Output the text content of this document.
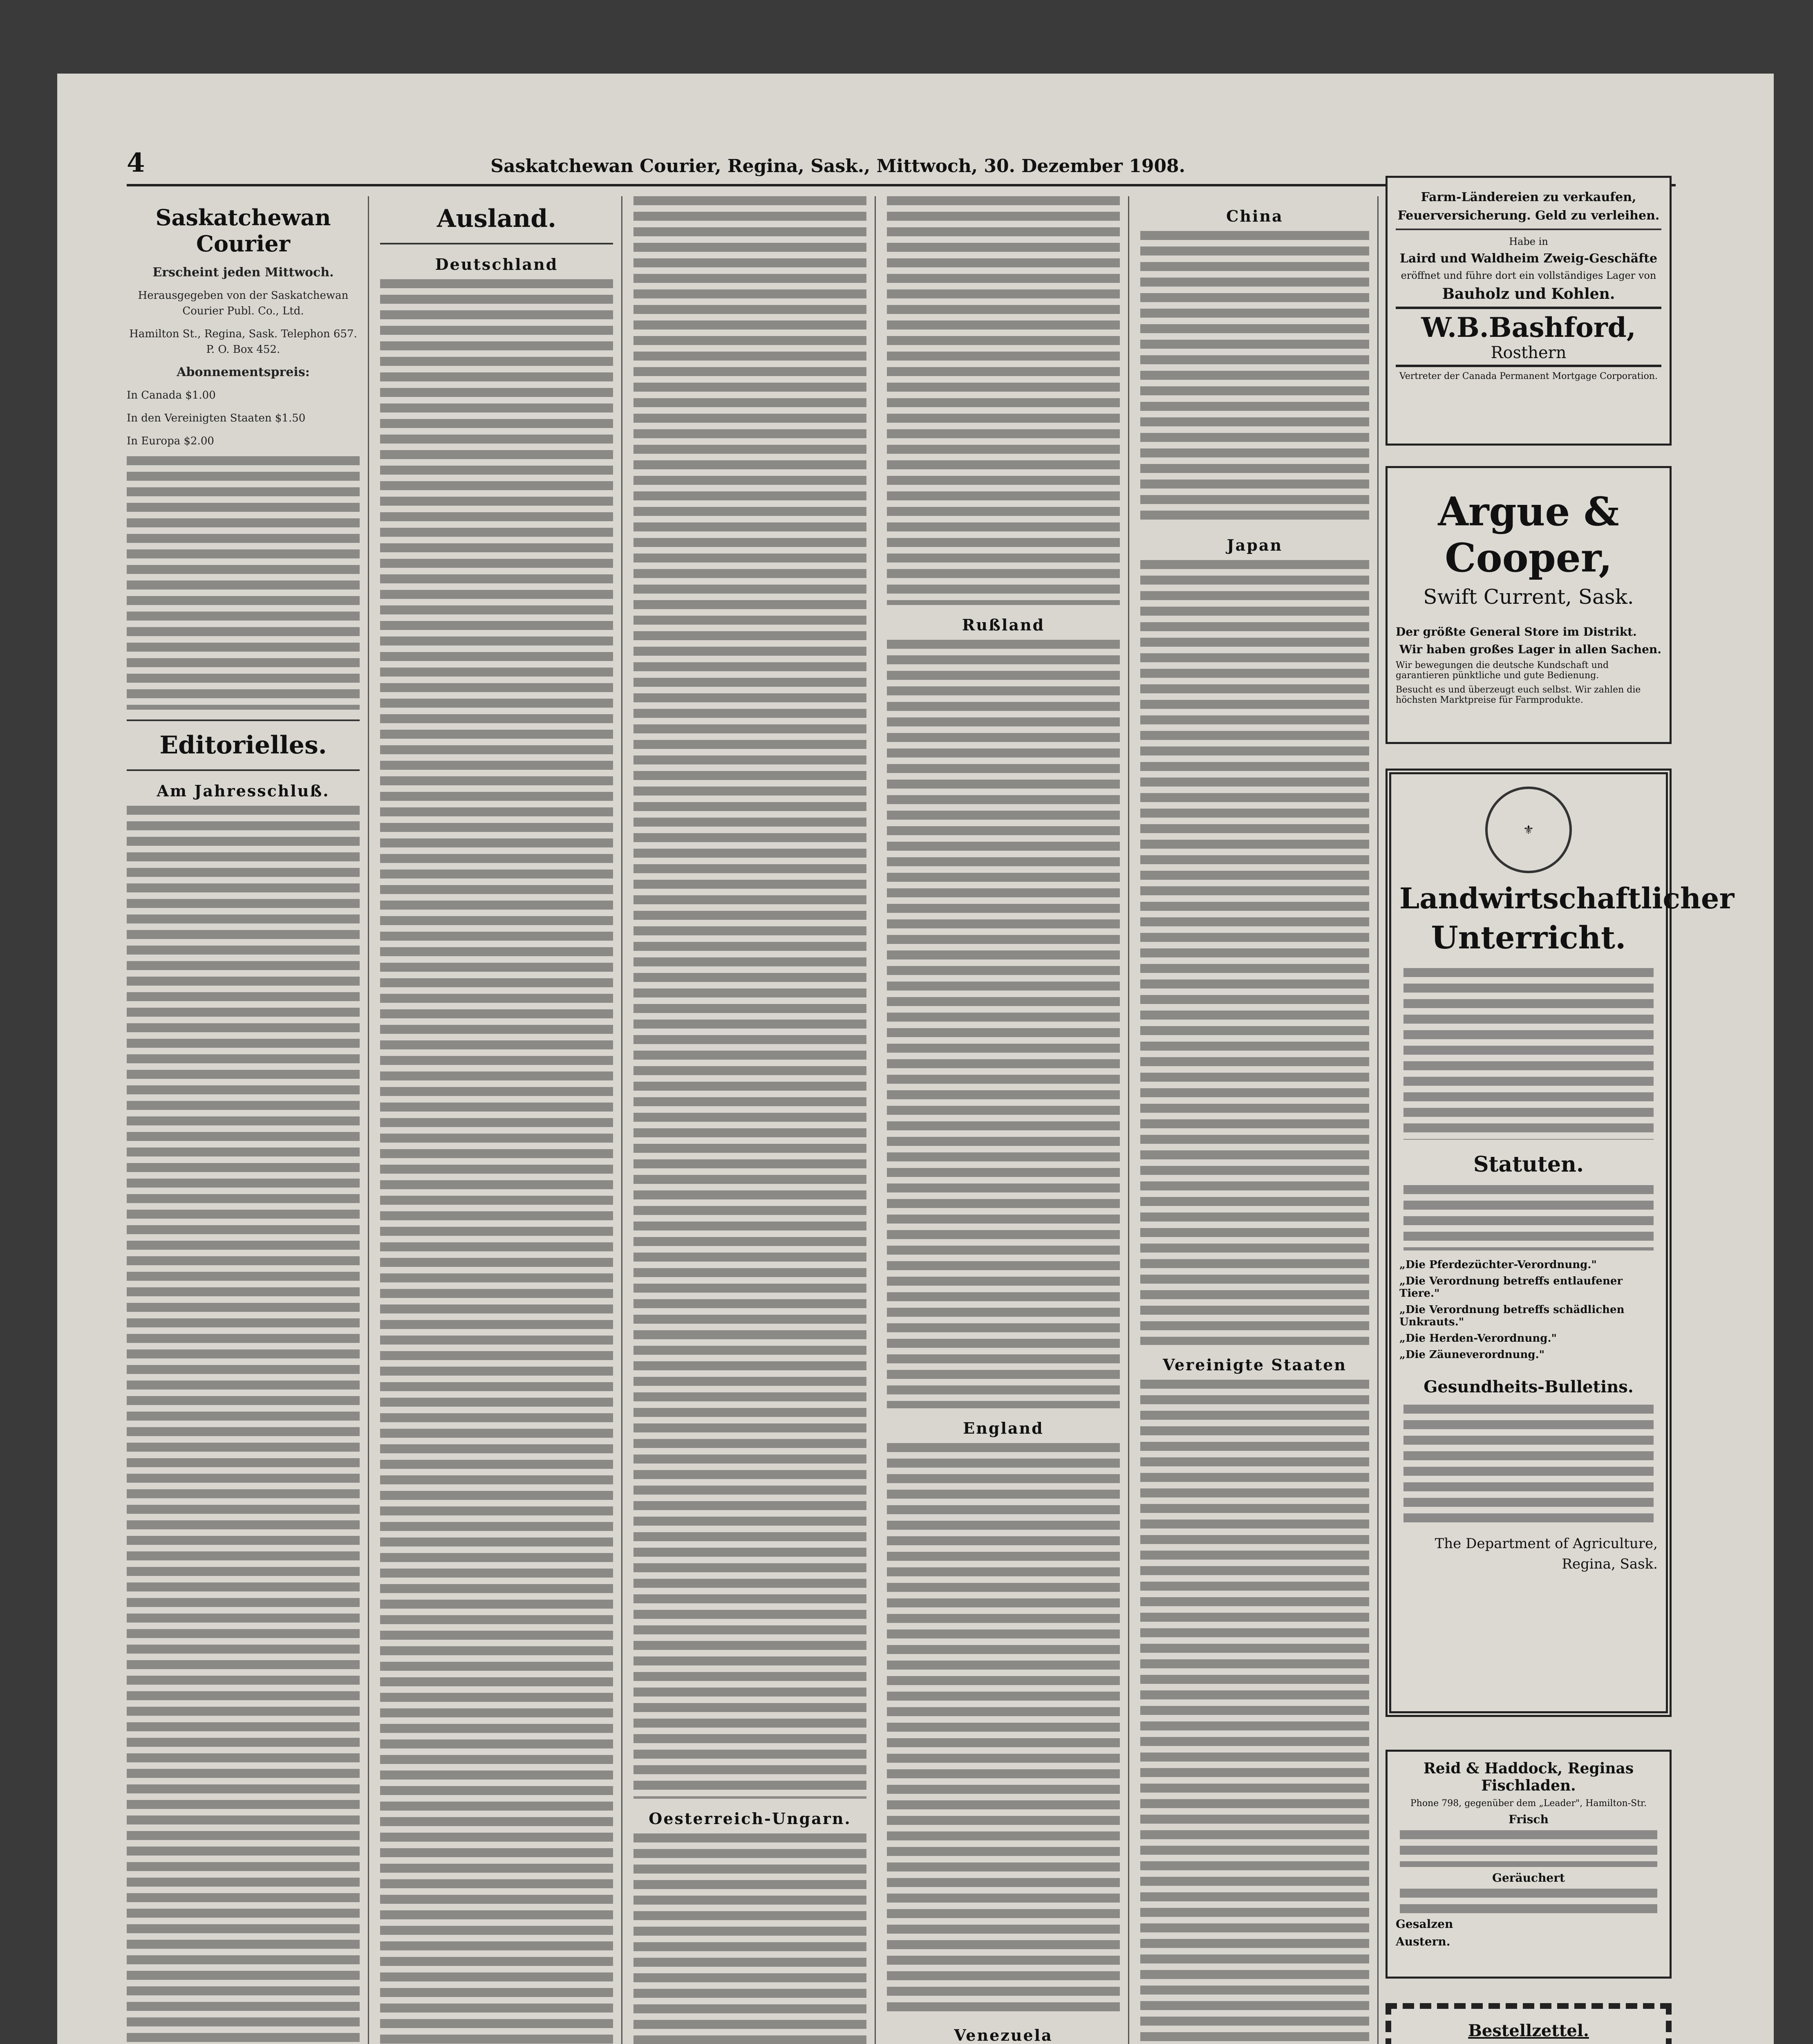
4	Saskatchewan Courier, Regina, Sask., Mittwoch, 30. Dezember 1908.
Saskatchewan Courier

Erscheint jeden Mittwoch.

Herausgegeben von der Saskatchewan Courier Publ. Co., Ltd.

Hamilton St., Regina, Sask. Telephon 657. P. O. Box 452.

Abonnementspreis:

In Canada $1.00

In den Vereinigten Staaten $1.50

In Europa $2.00

Editorielles.
Am Jahresschluß.
Ausland.
Deutschland
Oesterreich-Ungarn.
Rußland
England
Venezuela
China
Japan
Vereinigte Staaten

Farm-Ländereien zu verkaufen,

Feuerversicherung. Geld zu verleihen.

Habe in

Laird und Waldheim Zweig-Geschäfte

eröffnet und führe dort ein vollständiges Lager von

Bauholz und Kohlen.

W.B.Bashford, Rosthern

Vertreter der Canada Permanent Mortgage Corporation.

Argue & Cooper,

Swift Current, Sask.

Der größte General Store im Distrikt.

Wir haben großes Lager in allen Sachen.

Wir bewegungen die deutsche Kundschaft und garantieren pünktliche und gute Bedienung.

Besucht es und überzeugt euch selbst. Wir zahlen die höchsten Marktpreise für Farmprodukte.

⚜

Landwirtschaftlicher

Unterricht.

Statuten.

„Die Pferdezüchter-Verordnung."

„Die Verordnung betreffs entlaufener Tiere."

„Die Verordnung betreffs schädlichen Unkrauts."

„Die Herden-Verordnung."

„Die Zäuneverordnung."

Gesundheits-Bulletins.

The Department of Agriculture,

Regina, Sask.

Reid & Haddock, Reginas Fischladen.

Phone 798, gegenüber dem „Leader", Hamilton-Str.

Frisch

Geräuchert

Gesalzen

Austern.

Bestellzettel.
